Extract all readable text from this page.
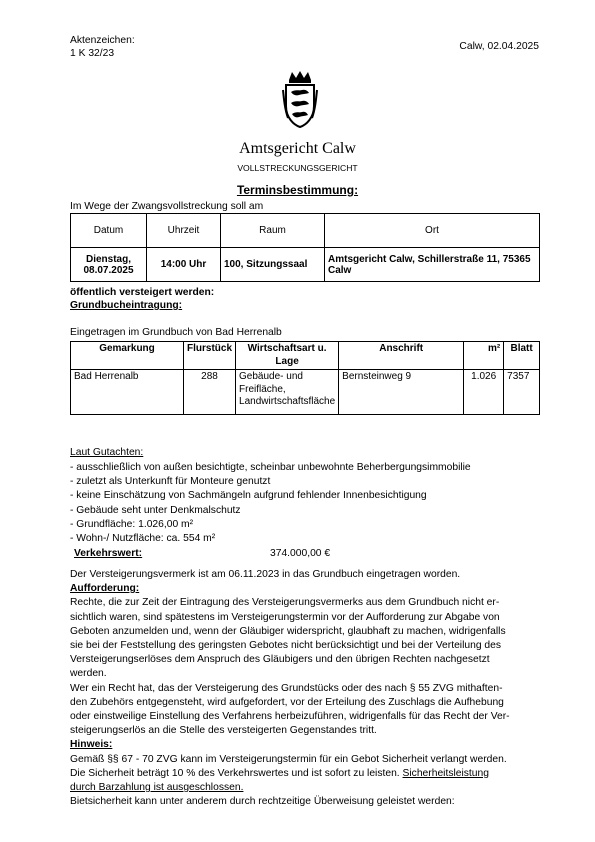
Aktenzeichen:
1 K 32/23
Calw, 02.04.2025
Amtsgericht Calw
VOLLSTRECKUNGSGERICHT
Terminsbestimmung:
Im Wege der Zwangsvollstreckung soll am
Datum	Uhrzeit	Raum	Ort
Dienstag, 08.07.2025	14:00 Uhr	100, Sitzungssaal	Amtsgericht Calw, Schillerstraße 11, 75365 Calw
öffentlich versteigert werden:
Grundbucheintragung:
Eingetragen im Grundbuch von Bad Herrenalb
Gemarkung	Flurstück	Wirtschaftsart u. Lage	Anschrift	m²	Blatt
Bad Herrenalb	288	Gebäude- und Freifläche, Landwirtschaftsfläche	Bernsteinweg 9	1.026	7357
Laut Gutachten:
- ausschließlich von außen besichtigte, scheinbar unbewohnte Beherbergungsimmobilie
- zuletzt als Unterkunft für Monteure genutzt
- keine Einschätzung von Sachmängeln aufgrund fehlender Innenbesichtigung
- Gebäude seht unter Denkmalschutz
- Grundfläche: 1.026,00 m²
- Wohn-/ Nutzfläche: ca. 554 m²
Verkehrswert:	374.000,00 €

Der Versteigerungsvermerk ist am 06.11.2023 in das Grundbuch eingetragen worden.

Aufforderung:

Rechte, die zur Zeit der Eintragung des Versteigerungsvermerks aus dem Grundbuch nicht er-

sichtlich waren, sind spätestens im Versteigerungstermin vor der Aufforderung zur Abgabe von

Geboten anzumelden und, wenn der Gläubiger widerspricht, glaubhaft zu machen, widrigenfalls

sie bei der Feststellung des geringsten Gebotes nicht berücksichtigt und bei der Verteilung des

Versteigerungserlöses dem Anspruch des Gläubigers und den übrigen Rechten nachgesetzt

werden.

Wer ein Recht hat, das der Versteigerung des Grundstücks oder des nach § 55 ZVG mithaften-

den Zubehörs entgegensteht, wird aufgefordert, vor der Erteilung des Zuschlags die Aufhebung

oder einstweilige Einstellung des Verfahrens herbeizuführen, widrigenfalls für das Recht der Ver-

steigerungserlös an die Stelle des versteigerten Gegenstandes tritt.

Hinweis:

Gemäß §§ 67 - 70 ZVG kann im Versteigerungstermin für ein Gebot Sicherheit verlangt werden.

Die Sicherheit beträgt 10 % des Verkehrswertes und ist sofort zu leisten. Sicherheitsleistung

durch Barzahlung ist ausgeschlossen.

Bietsicherheit kann unter anderem durch rechtzeitige Überweisung geleistet werden:
